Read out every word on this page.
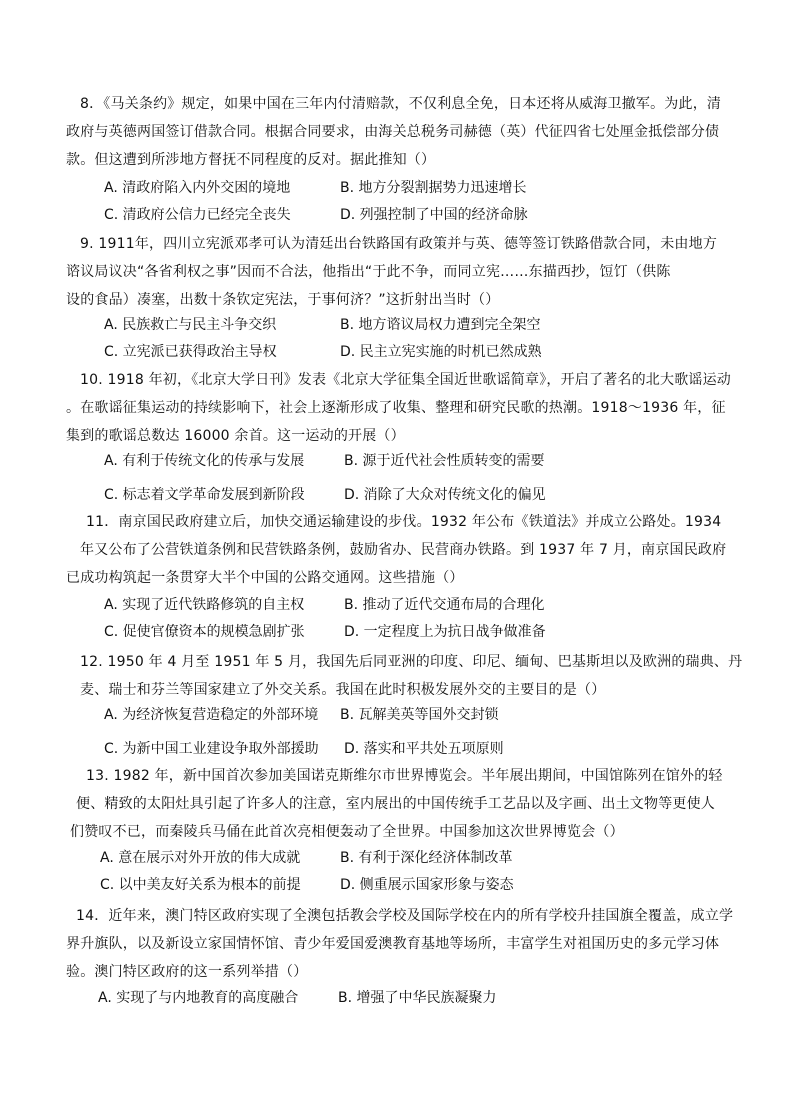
8．《马关条约》规定，如果中国在三年内付清赔款，不仅利息全免，日本还将从威海卫撤军。为此，清
政府与英德两国签订借款合同。根据合同要求，由海关总税务司赫德（英）代征四省七处厘金抵偿部分债
款。但这遭到所涉地方督抚不同程度的反对。据此推知（）
A. 清政府陷入内外交困的境地	B. 地方分裂割据势力迅速增长
C. 清政府公信力已经完全丧失	D. 列强控制了中国的经济命脉
9. 1911年，四川立宪派邓孝可认为清廷出台铁路国有政策并与英、德等签订铁路借款合同，未由地方
谘议局议决“各省利权之事”因而不合法，他指出“于此不争，而同立宪……东描西抄，饾饤（供陈
设的食品）凑塞，出数十条钦定宪法，于事何济？”这折射出当时（）
A. 民族救亡与民主斗争交织	B. 地方谘议局权力遭到完全架空
C. 立宪派已获得政治主导权	D. 民主立宪实施的时机已然成熟
10. 1918 年初，《北京大学日刊》发表《北京大学征集全国近世歌谣简章》，开启了著名的北大歌谣运动
。在歌谣征集运动的持续影响下，社会上逐渐形成了收集、整理和研究民歌的热潮。1918～1936 年，征
集到的歌谣总数达 16000 余首。这一运动的开展（）
A. 有利于传统文化的传承与发展	B. 源于近代社会性质转变的需要
C. 标志着文学革命发展到新阶段	D. 消除了大众对传统文化的偏见
11．南京国民政府建立后，加快交通运输建设的步伐。1932 年公布《铁道法》并成立公路处。1934
年又公布了公营铁道条例和民营铁路条例，鼓励省办、民营商办铁路。到 1937 年 7 月，南京国民政府
已成功构筑起一条贯穿大半个中国的公路交通网。这些措施（）
A. 实现了近代铁路修筑的自主权	B. 推动了近代交通布局的合理化
C. 促使官僚资本的规模急剧扩张	D. 一定程度上为抗日战争做准备
12. 1950 年 4 月至 1951 年 5 月，我国先后同亚洲的印度、印尼、缅甸、巴基斯坦以及欧洲的瑞典、丹
麦、瑞士和芬兰等国家建立了外交关系。我国在此时积极发展外交的主要目的是（）
A. 为经济恢复营造稳定的外部环境 B. 瓦解美英等国外交封锁
C. 为新中国工业建设争取外部援助 D. 落实和平共处五项原则
13. 1982 年，新中国首次参加美国诺克斯维尔市世界博览会。半年展出期间，中国馆陈列在馆外的轻
便、精致的太阳灶具引起了许多人的注意，室内展出的中国传统手工艺品以及字画、出土文物等更使人
们赞叹不已，而秦陵兵马俑在此首次亮相便轰动了全世界。中国参加这次世界博览会（）
A. 意在展示对外开放的伟大成就	B. 有利于深化经济体制改革
C. 以中美友好关系为根本的前提	D. 侧重展示国家形象与姿态
14．近年来，澳门特区政府实现了全澳包括教会学校及国际学校在内的所有学校升挂国旗全覆盖，成立学
界升旗队，以及新设立家国情怀馆、青少年爱国爱澳教育基地等场所，丰富学生对祖国历史的多元学习体
验。澳门特区政府的这一系列举措（）
A. 实现了与内地教育的高度融合	B. 增强了中华民族凝聚力
